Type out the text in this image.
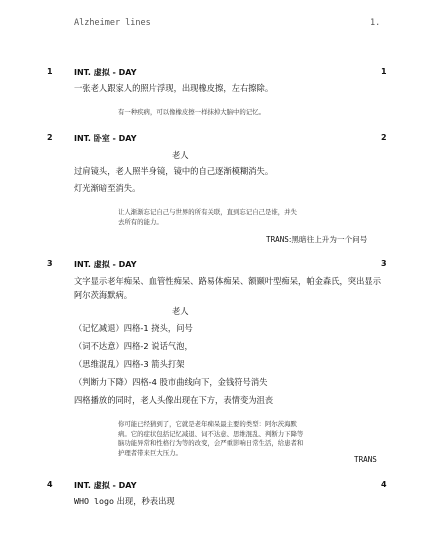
Alzheimer lines	1.
1	INT. 虚拟 - DAY	1
一张老人跟家人的照片浮现，出现橡皮擦，左右擦除。
有一种疾病，可以像橡皮擦一样抹掉大脑中的记忆。
2	INT. 卧室 - DAY	2
老人
过肩镜头，老人照半身镜，镜中的自己逐渐模糊消失。
灯光渐暗至消失。
让人渐渐忘记自己与世界的所有关联，直到忘记自己是谁，并失去所有的能力。
TRANS:黑暗往上升为一个问号
3	INT. 虚拟 - DAY	3
文字显示老年痴呆、血管性痴呆、路易体痴呆、额颞叶型痴呆，帕金森氏，突出显示阿尔茨海默病。
老人
（记忆减退）四格-1 挠头，问号
（词不达意）四格-2 说话气泡，
（思维混乱）四格-3 箭头打架
（判断力下降）四格-4 股市曲线向下，金钱符号消失
四格播放的同时，老人头像出现在下方，表情变为沮丧
你可能已经猜到了，它就是老年痴呆最主要的类型：阿尔茨海默病。它的症状包括记忆减退、词不达意、思维混乱、判断力下降等脑功能异常和性格行为等的改变，会严重影响日常生活，给患者和护理者带来巨大压力。
TRANS
4	INT. 虚拟 - DAY	4
WHO logo 出现，秒表出现
